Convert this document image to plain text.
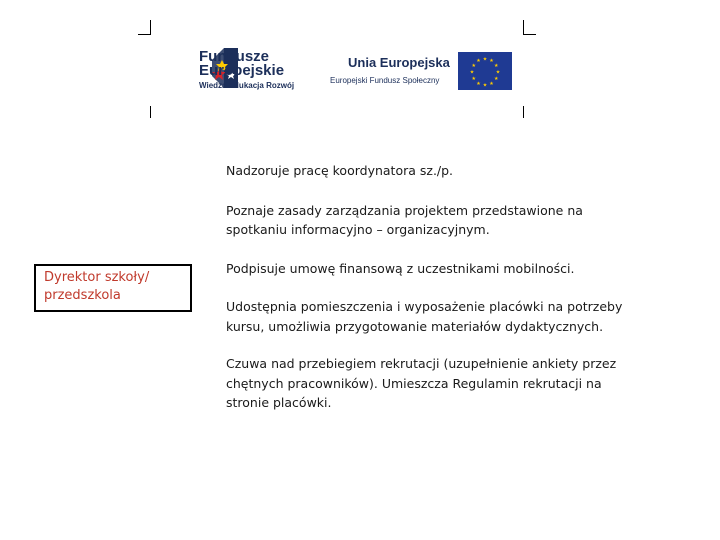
Fundusze
Europejskie
Wiedza Edukacja Rozwój
Unia Europejska
Europejski Fundusz Społeczny
★ ★
★
★
★
★
★
★
★
★
★
★
Dyrektor szkoły/ przedszkola
Nadzoruje pracę koordynatora sz./p.
Poznaje zasady zarządzania projektem przedstawione na spotkaniu informacyjno – organizacyjnym.
Podpisuje umowę finansową z uczestnikami mobilności.
Udostępnia pomieszczenia i wyposażenie placówki na potrzeby kursu, umożliwia przygotowanie materiałów dydaktycznych.
Czuwa nad przebiegiem rekrutacji (uzupełnienie ankiety przez chętnych pracowników). Umieszcza Regulamin rekrutacji na stronie placówki.
